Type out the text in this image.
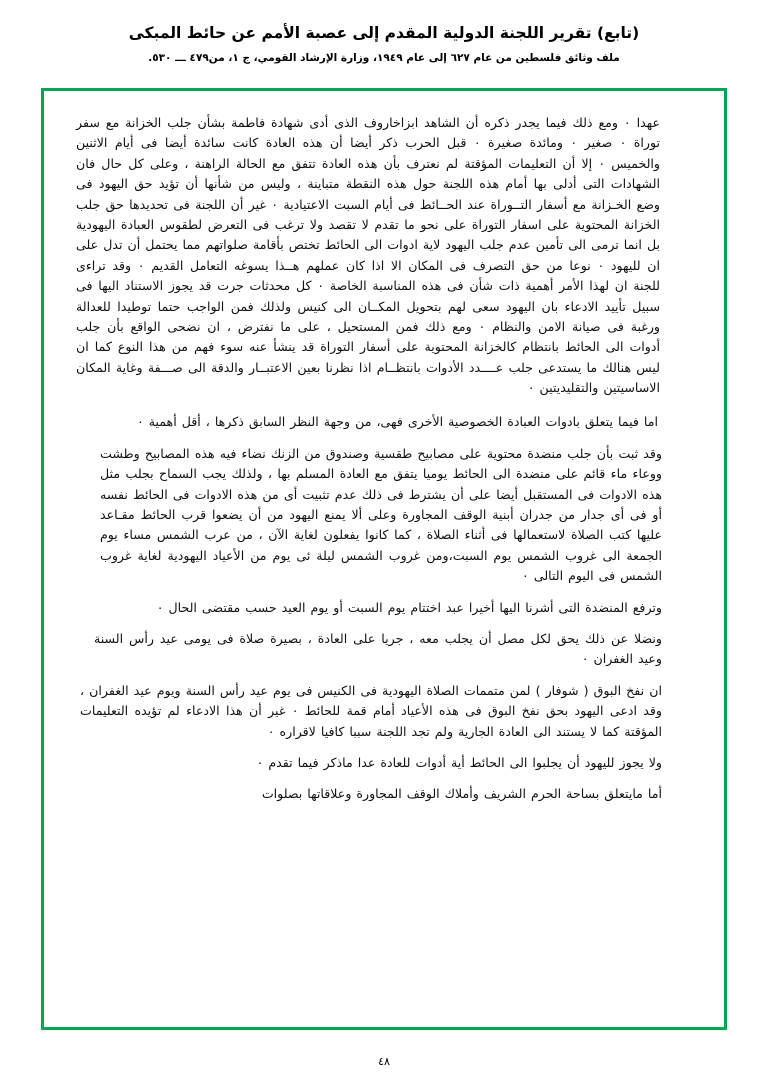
(تابع) تقرير اللجنة الدولية المقدم إلى عصبة الأمم عن حائط المبكى
ملف وثائق فلسطين من عام ٦٢٧ إلى عام ١٩٤٩، وزارة الإرشاد القومي، ج ١، من٤٧٩ ـــ ٥٣٠.

عهدا ٠ ومع ذلك فيما يجدر ذكره أن الشاهد ابزاخاروف الذى أدى شهادة فاطمة بشأن جلب الخزانة مع سفر توراة ٠ صغير ٠ ومائدة صغيرة ٠ قبل الحرب ذكر أيضا أن هذه العادة كانت سائدة أيضا فى أيام الاثنين والخميس ٠ إلا أن التعليمات المؤقتة لم نعترف بأن هذه العادة تتفق مع الحالة الراهنة ، وعلى كل حال فان الشهادات التى أدلى بها أمام هذه اللجنة حول هذه النقطة متباينة ، وليس من شأنها أن تؤيد حق اليهود فى وضع الخـزانة مع أسفار التــوراة عند الحــائط فى أيام السبت الاعتيادية ٠ غير أن اللجنة فى تحديدها حق جلب الخزانة المحتوية على اسفار التوراة على نحو ما تقدم لا تقصد ولا ترغب فى التعرض لطقوس العبادة اليهودية بل انما ترمى الى تأمين عدم جلب اليهود لاية ادوات الى الحائط تختص بأقامة صلواتهم مما يحتمل أن تدل على ان لليهود ٠ نوعا من حق التصرف فى المكان الا اذا كان عملهم هــذا يسوغه التعامل القديم ٠ وقد تراءى للجنة ان لهذا الأمر أهمية ذات شأن فى هذه المناسبة الخاصة ٠ كل محدثات جرت قد يجوز الاستناد اليها فى سبيل تأييد الادعاء بان اليهود سعى لهم بتحويل المكــان الى كنيس ولذلك فمن الواجب حتما توطيدا للعدالة ورغبة فى صيانة الامن والنظام ٠ ومع ذلك فمن المستحيل ، على ما نفترض ، ان نضحى الواقع بأن جلب أدوات الى الحائط بانتظام كالخزانة المحتوية على أسفار التوراة قد ينشأ عنه سوء فهم من هذا النوع كما ان ليس هنالك ما يستدعى جلب عــــدد الأدوات بانتظــام اذا نظرنا بعين الاعتبــار والدقة الى صـــفة وغاية المكان الاساسيتين والتقليديتين ٠

اما فيما يتعلق بادوات العبادة الخصوصية الأخرى فهى، من وجهة النظر السابق ذكرها ، أقل أهمية ٠

وقد ثبت بأن جلب منضدة محتوية على مصابيح طقسية وصندوق من الزنك نضاء فيه هذه المصابيح وطشت ووعاء ماء قائم على منضدة الى الحائط يوميا يتفق مع العادة المسلم بها ، ولذلك يجب السماح بجلب مثل هذه الادوات فى المستقبل أيضا على أن يشترط فى ذلك عدم تثبيت أى من هذه الادوات فى الحائط نفسه أو فى أى جدار من جدران أبنية الوقف المجاورة وعلى ألا يمنع اليهود من أن يضعوا قرب الحائط مقـاعد عليها كتب الصلاة لاستعمالها فى أثناء الصلاة ، كما كانوا يفعلون لغاية الآن ، من عرب الشمس مساء يوم الجمعة الى غروب الشمس يوم السبت،ومن غروب الشمس ليلة ئى يوم من الأعياد اليهودية لغاية غروب الشمس فى اليوم التالى ٠

وترفع المنضدة التى أشرنا اليها أخيرا عبد اختتام يوم السبت أو يوم العيد حسب مقتضى الحال ٠

ونضلا عن ذلك يحق لكل مصل أن يجلب معه ، جريا على العادة ، بصيرة صلاة فى يومى عيد رأس السنة وعيد الغفران ٠

ان نفخ البوق ( شوفار ) لمن متممات الصلاة اليهودية فى الكنيس فى يوم عيد رأس السنة ويوم عيد الغفران ، وقد ادعى اليهود بحق نفخ البوق فى هذه الأعياد أمام قمة للحائط ٠ غير أن هذا الادعاء لم تؤيده التعليمات المؤقتة كما لا يستند الى العادة الجارية ولم تجد اللجنة سببا كافيا لاقراره ٠

ولا يجوز لليهود أن يجلبوا الى الحائط أية أدوات للعادة عدا ماذكر فيما تقدم ٠

أما مايتعلق بساحة الحرم الشريف وأملاك الوقف المجاورة وعلاقاتها بصلوات

٤٨
